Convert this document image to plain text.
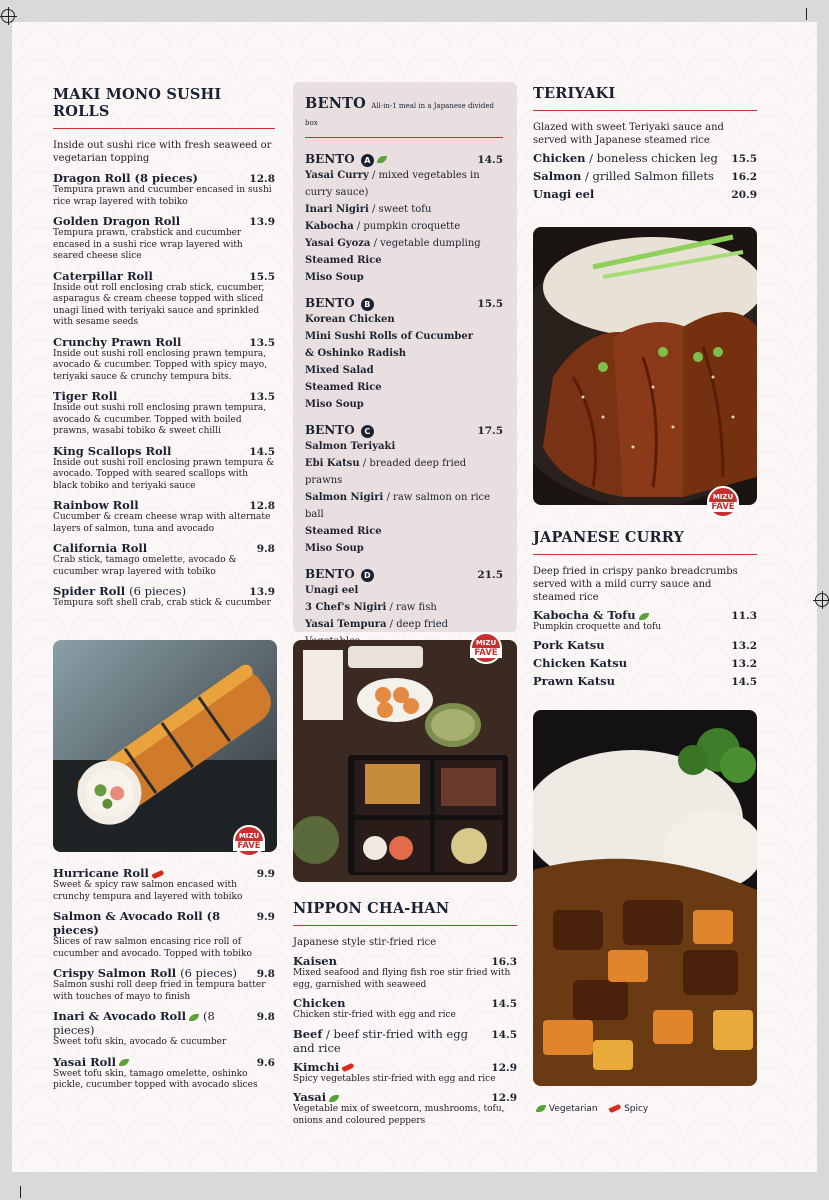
MAKI MONO SUSHI ROLLS
Inside out sushi rice with fresh seaweed or vegetarian topping
Dragon Roll (8 pieces)	12.8
Tempura prawn and cucumber encased in sushi rice wrap layered with tobiko
Golden Dragon Roll	13.9
Tempura prawn, crabstick and cucumber encased in a sushi rice wrap layered with seared cheese slice
Caterpillar Roll	15.5
Inside out roll enclosing crab stick, cucumber, asparagus & cream cheese topped with sliced unagi lined with teriyaki sauce and sprinkled with sesame seeds
Crunchy Prawn Roll	13.5
Inside out sushi roll enclosing prawn tempura, avocado & cucumber. Topped with spicy mayo, teriyaki sauce & crunchy tempura bits.
Tiger Roll	13.5
Inside out sushi roll enclosing prawn tempura, avocado & cucumber. Topped with boiled prawns, wasabi tobiko & sweet chilli
King Scallops Roll	14.5
Inside out sushi roll enclosing prawn tempura & avocado. Topped with seared scallops with black tobiko and teriyaki sauce
Rainbow Roll	12.8
Cucumber & cream cheese wrap with alternate layers of salmon, tuna and avocado
California Roll	9.8
Crab stick, tamago omelette, avocado & cucumber wrap layered with tobiko
Spider Roll (6 pieces)	13.9
Tempura soft shell crab, crab stick & cucumber
MIZU
FAVE
Hurricane Roll	9.9
Sweet & spicy raw salmon encased with crunchy tempura and layered with tobiko
Salmon & Avocado Roll (8 pieces)
9.9
Slices of raw salmon encasing rice roll of cucumber and avocado. Topped with tobiko
Crispy Salmon Roll (6 pieces) 9.8
Salmon sushi roll deep fried in tempura batter with touches of mayo to finish
Inari & Avocado Roll (8 pieces)
9.8
Sweet tofu skin, avocado & cucumber
Yasai Roll	9.6
Sweet tofu skin, tamago omelette, oshinko pickle, cucumber topped with avocado slices
BENTO All-in-1 meal in a Japanese divided box
BENTO A	14.5
Yasai Curry / mixed vegetables in curry sauce)
Inari Nigiri / sweet tofu
Kabocha / pumpkin croquette
Yasai Gyoza / vegetable dumpling
Steamed Rice
Miso Soup
BENTO B	15.5
Korean Chicken
Mini Sushi Rolls of Cucumber
& Oshinko Radish
Mixed Salad
Steamed Rice
Miso Soup
BENTO C	17.5
Salmon Teriyaki
Ebi Katsu / breaded deep fried prawns
Salmon Nigiri / raw salmon on rice ball
Steamed Rice
Miso Soup
BENTO D	21.5
Unagi eel
3 Chef's Nigiri / raw fish
Yasai Tempura / deep fried
MIZU
FAVE
NIPPON CHA-HAN
Japanese style stir-fried rice
Kaisen	16.3
Mixed seafood and flying fish roe stir fried with egg, garnished with seaweed
Chicken	14.5
Chicken stir-fried with egg and rice
Beef / beef stir-fried with egg and rice
14.5
Kimchi	12.9
Spicy vegetables stir-fried with egg and rice
Yasai	12.9
Vegetable mix of sweetcorn, mushrooms, tofu, onions and coloured peppers
TERIYAKI
Glazed with sweet Teriyaki sauce and served with Japanese steamed rice
Chicken / boneless chicken leg 15.5
Salmon / grilled Salmon fillets 16.2
Unagi eel	20.9
MIZU
FAVE
JAPANESE CURRY
Deep fried in crispy panko breadcrumbs served with a mild curry sauce and steamed rice
Kabocha & Tofu	11.3
Pumpkin croquette and tofu
Pork Katsu	13.2
Chicken Katsu	13.2
Prawn Katsu	14.5
Vegetarian	Spicy
